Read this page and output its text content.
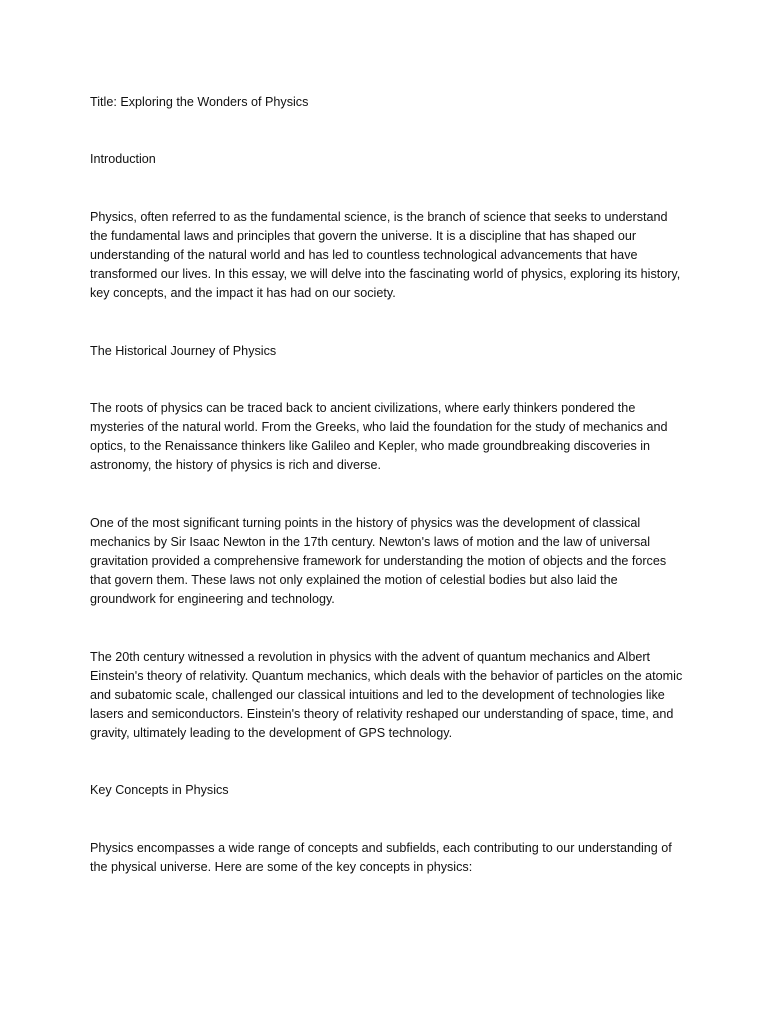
Title: Exploring the Wonders of Physics

Introduction

Physics, often referred to as the fundamental science, is the branch of science that seeks to understand the fundamental laws and principles that govern the universe. It is a discipline that has shaped our understanding of the natural world and has led to countless technological advancements that have transformed our lives. In this essay, we will delve into the fascinating world of physics, exploring its history, key concepts, and the impact it has had on our society.

The Historical Journey of Physics

The roots of physics can be traced back to ancient civilizations, where early thinkers pondered the mysteries of the natural world. From the Greeks, who laid the foundation for the study of mechanics and optics, to the Renaissance thinkers like Galileo and Kepler, who made groundbreaking discoveries in astronomy, the history of physics is rich and diverse.

One of the most significant turning points in the history of physics was the development of classical mechanics by Sir Isaac Newton in the 17th century. Newton's laws of motion and the law of universal gravitation provided a comprehensive framework for understanding the motion of objects and the forces that govern them. These laws not only explained the motion of celestial bodies but also laid the groundwork for engineering and technology.

The 20th century witnessed a revolution in physics with the advent of quantum mechanics and Albert Einstein's theory of relativity. Quantum mechanics, which deals with the behavior of particles on the atomic and subatomic scale, challenged our classical intuitions and led to the development of technologies like lasers and semiconductors. Einstein's theory of relativity reshaped our understanding of space, time, and gravity, ultimately leading to the development of GPS technology.

Key Concepts in Physics

Physics encompasses a wide range of concepts and subfields, each contributing to our understanding of the physical universe. Here are some of the key concepts in physics:
